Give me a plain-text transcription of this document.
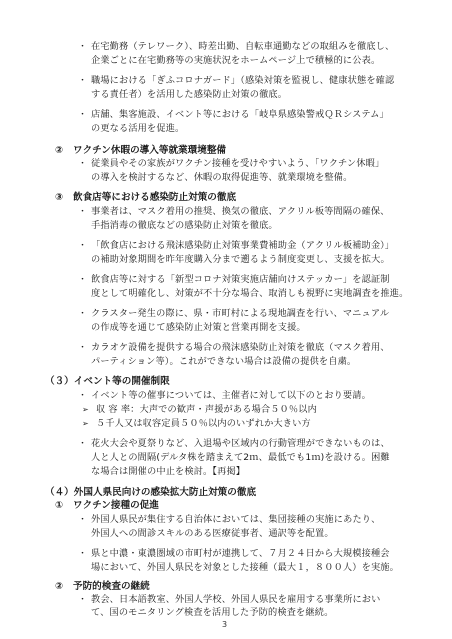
・ 在宅勤務（テレワーク）、時差出勤、自転車通勤などの取組みを徹底し、
企業ごとに在宅勤務等の実施状況をホームページ上で積極的に公表。
・ 職場における「ぎふコロナガード」（感染対策を監視し、健康状態を確認
する責任者）を活用した感染防止対策の徹底。
・ 店舗、集客施設、イベント等における「岐阜県感染警戒ＱＲシステム」
の更なる活用を促進。
② ワクチン休暇の導入等就業環境整備
・ 従業員やその家族がワクチン接種を受けやすいよう、「ワクチン休暇」
の導入を検討するなど、休暇の取得促進等、就業環境を整備。
③ 飲食店等における感染防止対策の徹底
・ 事業者は、マスク着用の推奨、換気の徹底、アクリル板等間隔の確保、
手指消毒の徹底などの感染防止対策を徹底。
・ 「飲食店における飛沫感染防止対策事業費補助金（アクリル板補助金）」
の補助対象期間を昨年度購入分まで遡るよう制度変更し、支援を拡大。
・ 飲食店等に対する「新型コロナ対策実施店舗向けステッカー」を認証制
度として明確化し、対策が不十分な場合、取消しも視野に実地調査を推進。
・ クラスター発生の際に、県・市町村による現地調査を行い、マニュアル
の作成等を通じて感染防止対策と営業再開を支援。
・ カラオケ設備を提供する場合の飛沫感染防止対策を徹底（マスク着用、
パーティション等）。これができない場合は設備の提供を自粛。
（３）イベント等の開催制限
・ イベント等の催事については、主催者に対して以下のとおり要請。
➢ 収 容 率：大声での歓声・声援がある場合５０％以内
➢ ５千人又は収容定員５０％以内のいずれか大きい方
・ 花火大会や夏祭りなど、入退場や区域内の行動管理ができないものは、
人と人との間隔(デルタ株を踏まえて2ｍ、最低でも1ｍ)を設ける。困難
な場合は開催の中止を検討。【再掲】
（４）外国人県民向けの感染拡大防止対策の徹底
① ワクチン接種の促進
・ 外国人県民が集住する自治体においては、集団接種の実施にあたり、
外国人への間診スキルのある医療従事者、通訳等を配置。
・ 県と中濃・東濃圏域の市町村が連携して、７月２４日から大規模接種会
場において、外国人県民を対象とした接種（最大１，８００人）を実施。
② 予防的検査の継続
・ 教会、日本語教室、外国人学校、外国人県民を雇用する事業所におい
て、国のモニタリング検査を活用した予防的検査を継続。
3
